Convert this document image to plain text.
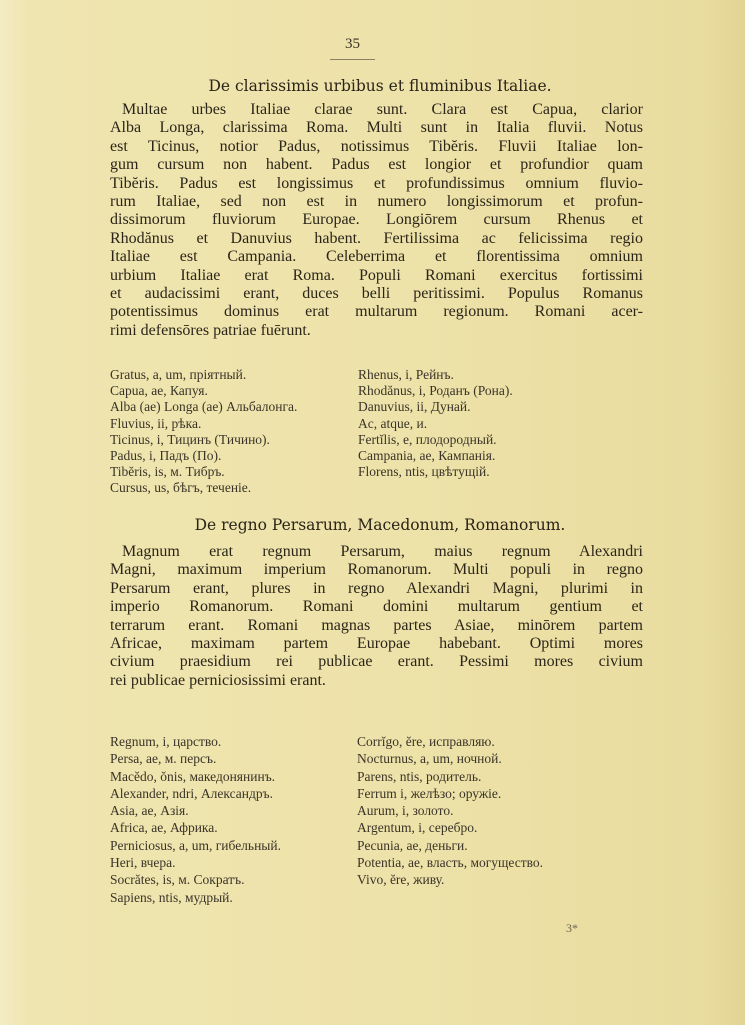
35
De clarissimis urbibus et fluminibus Italiae.
Multae urbes Italiae clarae sunt. Clara est Capua, clarior
Alba Longa, clarissima Roma. Multi sunt in Italia fluvii. Notus
est Ticinus, notior Padus, notissimus Tibĕris. Fluvii Italiae lon-
gum cursum non habent. Padus est longior et profundior quam
Tibĕris. Padus est longissimus et profundissimus omnium fluvio-
rum Italiae, sed non est in numero longissimorum et profun-
dissimorum fluviorum Europae. Longiōrem cursum Rhenus et
Rhodănus et Danuvius habent. Fertilissima ac felicissima regio
Italiae est Campania. Celeberrima et florentissima omnium
urbium Italiae erat Roma. Populi Romani exercitus fortissimi
et audacissimi erant, duces belli peritissimi. Populus Romanus
potentissimus dominus erat multarum regionum. Romani acer-
rimi defensōres patriae fuērunt.
Gratus, a, um, пріятный.
Capua, ae, Капуя.
Alba (ae) Longa (ae) Альбалонга.
Fluvius, ii, рѣка.
Ticinus, i, Тицинъ (Тичино).
Padus, i, Падъ (По).
Tibĕris, is, м. Тибръ.
Cursus, us, бѣгъ, теченіе.
Rhenus, i, Рейнъ.
Rhodănus, i, Роданъ (Рона).
Danuvius, ii, Дунай.
Ac, atque, и.
Fertĭlis, e, плодородный.
Campania, ae, Кампанія.
Florens, ntis, цвѣтущій.
De regno Persarum, Macedonum, Romanorum.
Magnum erat regnum Persarum, maius regnum Alexandri
Magni, maximum imperium Romanorum. Multi populi in regno
Persarum erant, plures in regno Alexandri Magni, plurimi in
imperio Romanorum. Romani domini multarum gentium et
terrarum erant. Romani magnas partes Asiae, minōrem partem
Africae, maximam partem Europae habebant. Optimi mores
civium praesidium rei publicae erant. Pessimi mores civium
rei publicae perniciosissimi erant.
Regnum, i, царство.
Persa, ae, м. персъ.
Macĕdo, ŏnis, македонянинъ.
Alexander, ndri, Александръ.
Asia, ae, Азія.
Africa, ae, Африка.
Perniciosus, a, um, гибельный.
Heri, вчера.
Socrătes, is, м. Сократъ.
Sapiens, ntis, мудрый.
Corrĭgo, ĕre, исправляю.
Nocturnus, a, um, ночной.
Parens, ntis, родитель.
Ferrum i, желѣзо; оружіе.
Aurum, i, золото.
Argentum, i, серебро.
Pecunia, ae, деньги.
Potentia, ae, власть, могущество.
Vivo, ĕre, живу.
3*
